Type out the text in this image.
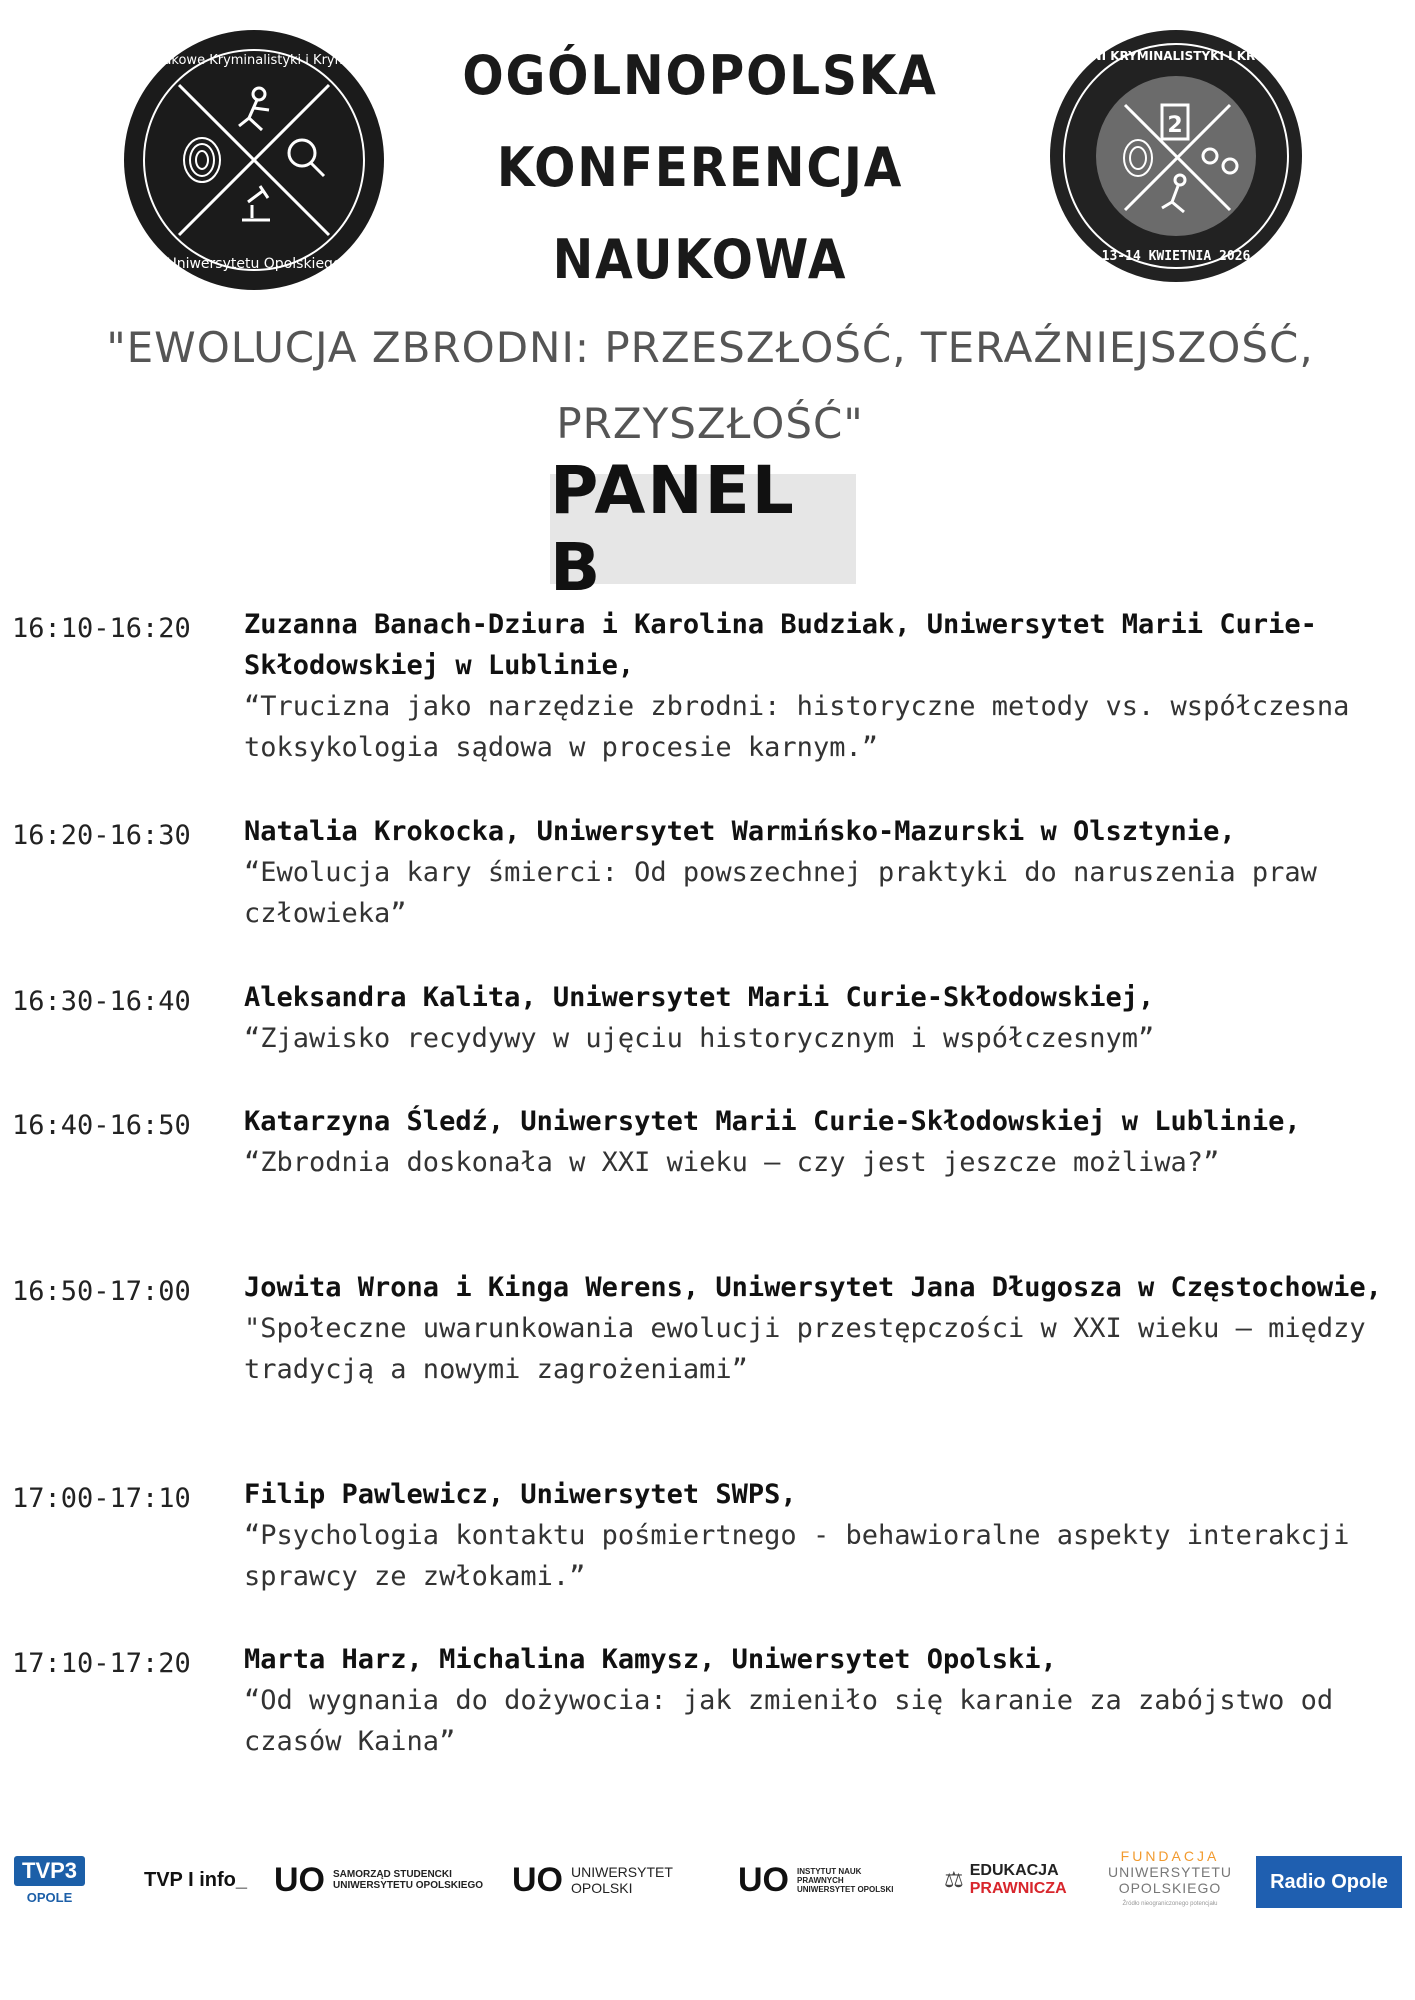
Koło Naukowe Kryminalistyki i Kryminologii
Uniwersytetu Opolskiego
OGÓLNOPOLSKA
KONFERENCJA
NAUKOWA
2
V EDYCJA DNI KRYMINALISTYKI I KRYMINOLOGII
13-14 KWIETNIA 2026
"EWOLUCJA ZBRODNI: PRZESZŁOŚĆ, TERAŹNIEJSZOŚĆ,
PRZYSZŁOŚĆ"
PANEL B
16:10-16:20	Zuzanna Banach-Dziura i Karolina Budziak, Uniwersytet Marii Curie-Skłodowskiej w Lublinie,
“Trucizna jako narzędzie zbrodni: historyczne metody vs. współczesna toksykologia sądowa w procesie karnym.”
16:20-16:30	Natalia Krokocka, Uniwersytet Warmińsko-Mazurski w Olsztynie,
“Ewolucja kary śmierci: Od powszechnej praktyki do naruszenia praw człowieka”
16:30-16:40	Aleksandra Kalita, Uniwersytet Marii Curie-Skłodowskiej,
“Zjawisko recydywy w ujęciu historycznym i współczesnym”
16:40-16:50	Katarzyna Śledź, Uniwersytet Marii Curie-Skłodowskiej w Lublinie,
“Zbrodnia doskonała w XXI wieku – czy jest jeszcze możliwa?”
16:50-17:00	Jowita Wrona i Kinga Werens, Uniwersytet Jana Długosza w Częstochowie,
"Społeczne uwarunkowania ewolucji przestępczości w XXI wieku – między tradycją a nowymi zagrożeniami”
17:00-17:10	Filip Pawlewicz, Uniwersytet SWPS,
“Psychologia kontaktu pośmiertnego - behawioralne aspekty interakcji sprawcy ze zwłokami.”
17:10-17:20	Marta Harz, Michalina Kamysz, Uniwersytet Opolski,
“Od wygnania do dożywocia: jak zmieniło się karanie za zabójstwo od czasów Kaina”
TVP3
OPOLE
TVP I info_ UO SAMORZĄD STUDENCKI
UNIWERSYTETU OPOLSKIEGO UO UNIWERSYTET
OPOLSKI	UO INSTYTUT NAUK
PRAWNYCH
UNIWERSYTET OPOLSKI ⚖ EDUKACJA
PRAWNICZA
FUNDACJA
UNIWERSYTETU
OPOLSKIEGO
Źródło nieograniczonego potencjału
Radio Opole
